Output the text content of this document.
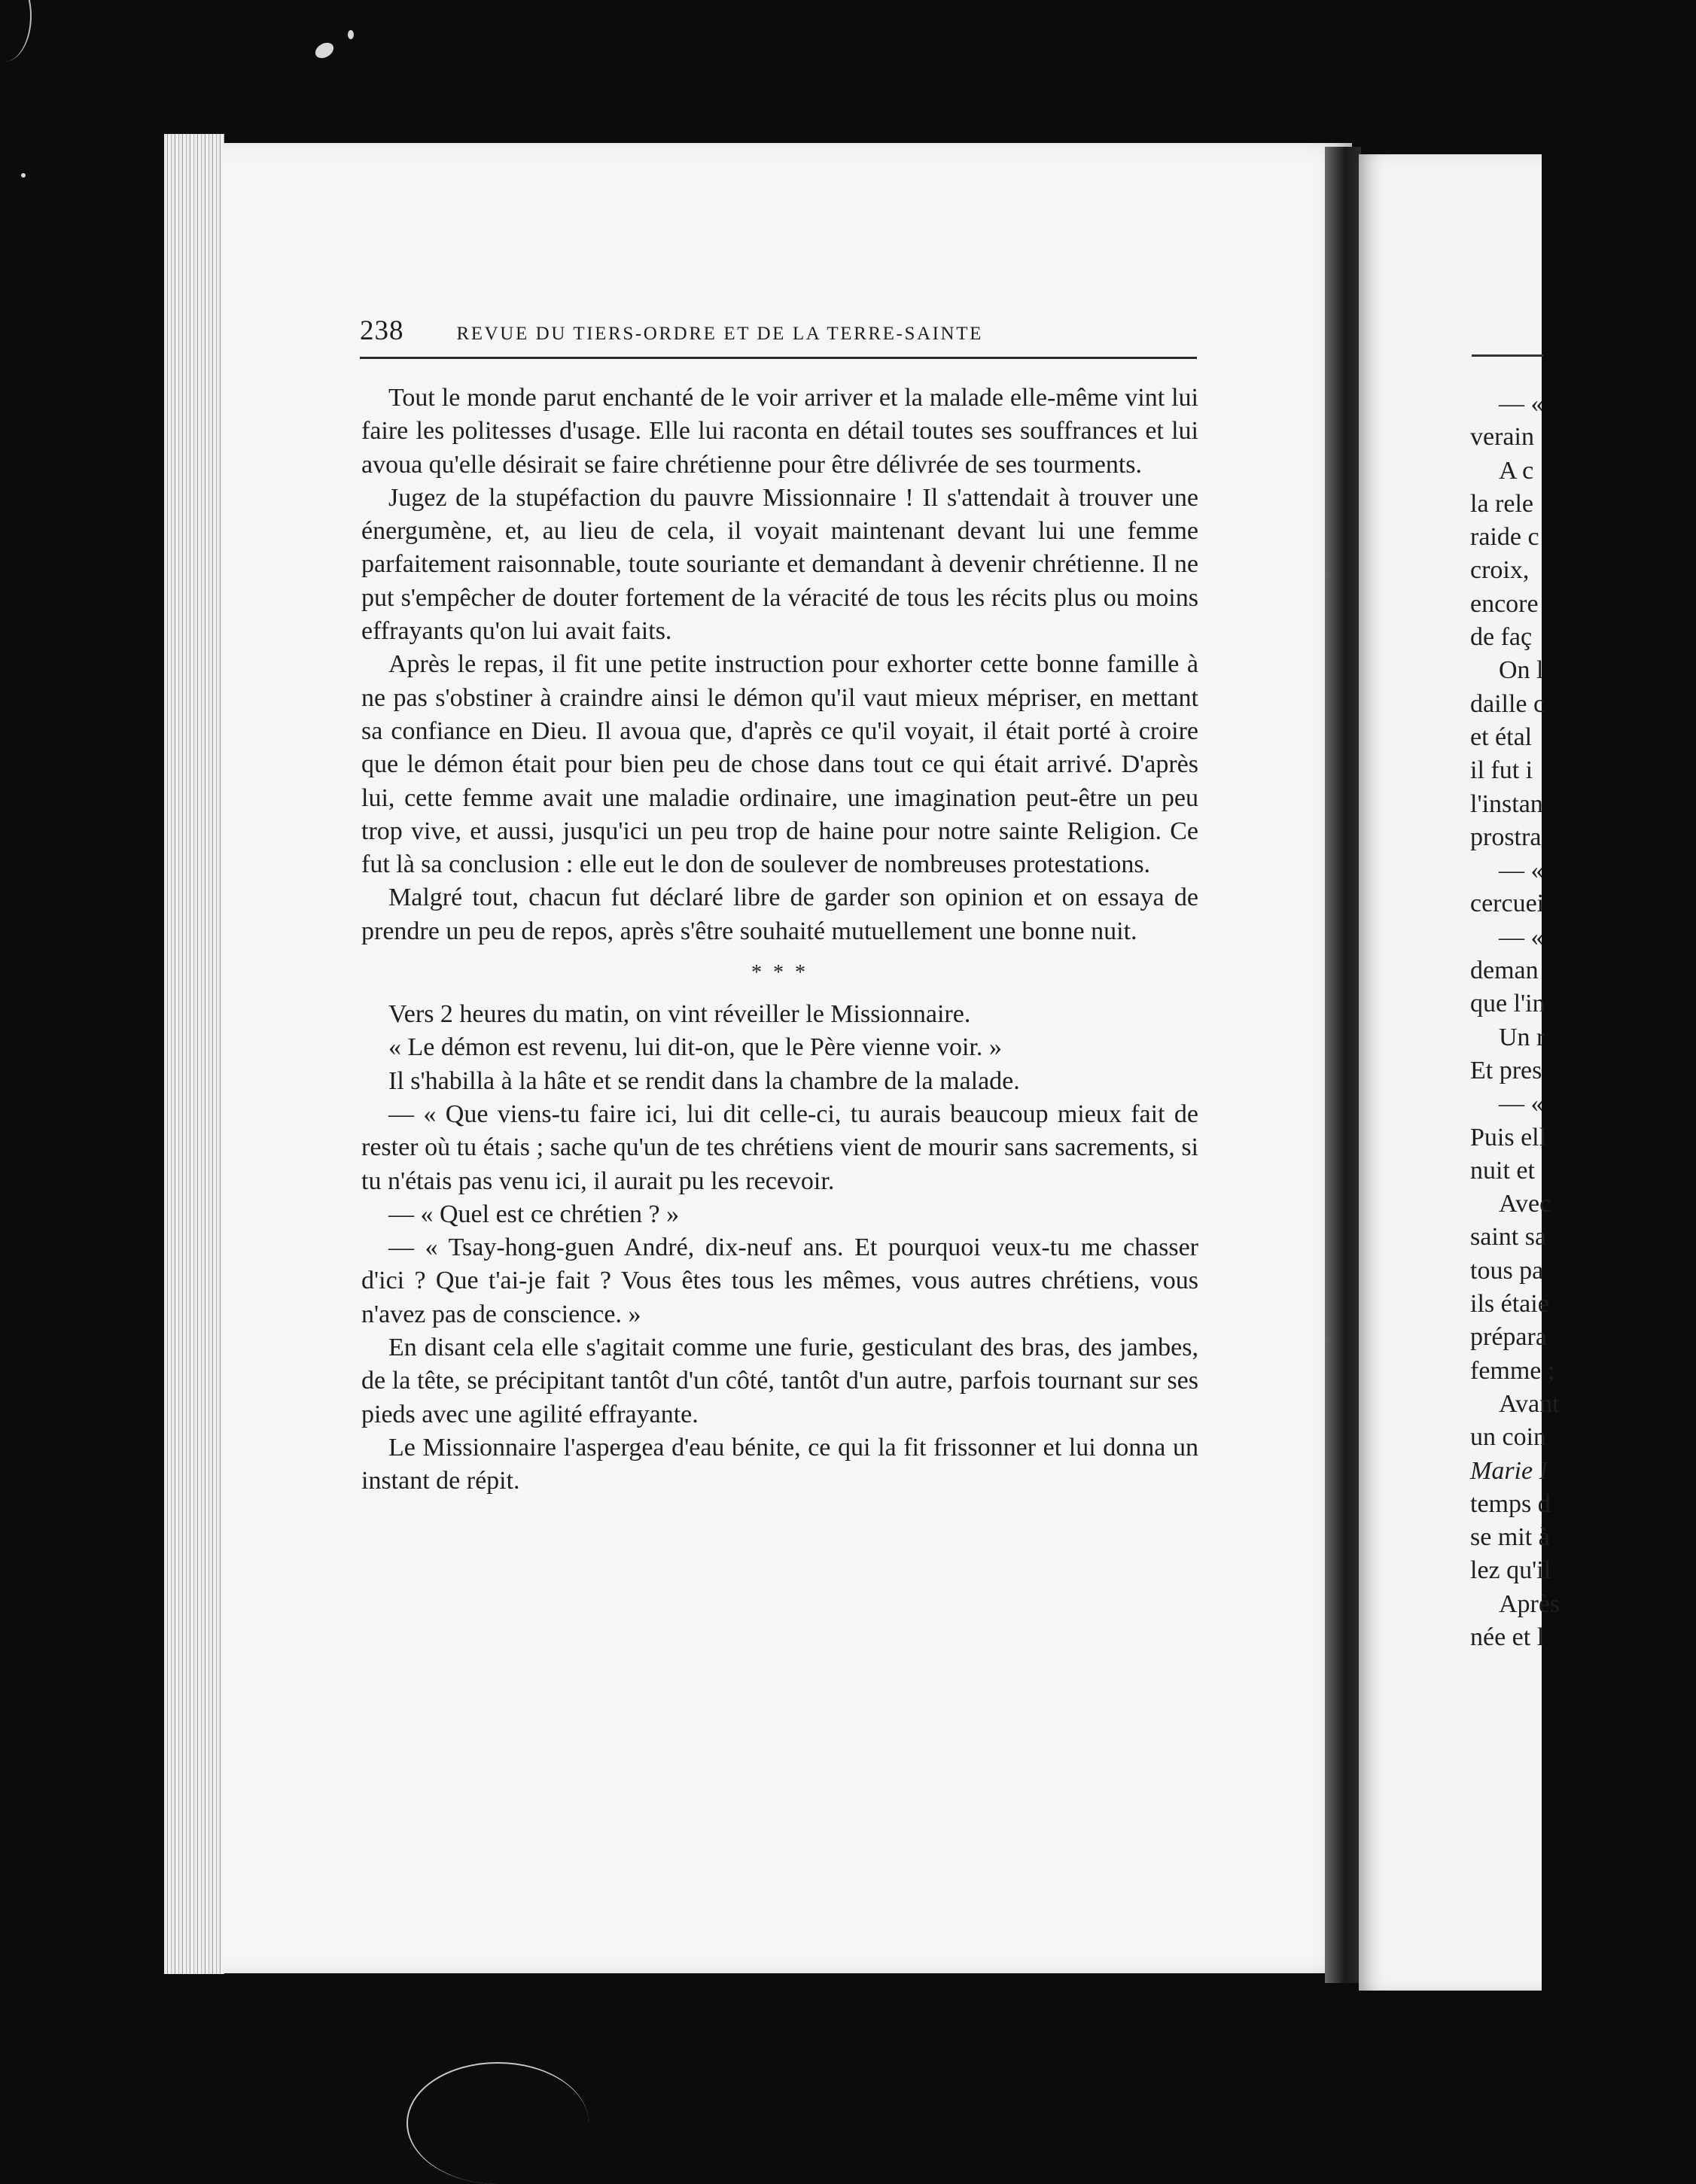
— «
verain
A c
la rele
raide c
croix,
encore
de faç
On l
daille c
et étal
il fut i
l'instan
prostra
— «
cercuei
— «
deman
que l'in
Un r
Et pres
— «
Puis ell
nuit et
Avec
saint sa
tous pa
ils étaie
prépara
femme ;
Avant
un coin
Marie I
temps d
se mit à
lez qu'il
Après
née et l
238	REVUE DU TIERS-ORDRE ET DE LA TERRE-SAINTE

Tout le monde parut enchanté de le voir arriver et la malade elle-même vint lui faire les politesses d'usage. Elle lui raconta en détail toutes ses souffrances et lui avoua qu'elle désirait se faire chrétienne pour être délivrée de ses tourments.

Jugez de la stupéfaction du pauvre Missionnaire ! Il s'attendait à trouver une énergumène, et, au lieu de cela, il voyait maintenant devant lui une femme parfaitement raisonnable, toute souriante et demandant à devenir chrétienne. Il ne put s'empêcher de douter fortement de la véracité de tous les récits plus ou moins effrayants qu'on lui avait faits.

Après le repas, il fit une petite instruction pour exhorter cette bonne famille à ne pas s'obstiner à craindre ainsi le démon qu'il vaut mieux mépriser, en mettant sa confiance en Dieu. Il avoua que, d'après ce qu'il voyait, il était porté à croire que le démon était pour bien peu de chose dans tout ce qui était arrivé. D'après lui, cette femme avait une maladie ordinaire, une imagination peut-être un peu trop vive, et aussi, jusqu'ici un peu trop de haine pour notre sainte Religion. Ce fut là sa conclusion : elle eut le don de soulever de nombreuses protestations.

Malgré tout, chacun fut déclaré libre de garder son opinion et on essaya de prendre un peu de repos, après s'être souhaité mutuellement une bonne nuit.

* * *

Vers 2 heures du matin, on vint réveiller le Missionnaire.

« Le démon est revenu, lui dit-on, que le Père vienne voir. »

Il s'habilla à la hâte et se rendit dans la chambre de la malade.

— « Que viens-tu faire ici, lui dit celle-ci, tu aurais beaucoup mieux fait de rester où tu étais ; sache qu'un de tes chrétiens vient de mourir sans sacrements, si tu n'étais pas venu ici, il aurait pu les recevoir.

— « Quel est ce chrétien ? »

— « Tsay-hong-guen André, dix-neuf ans. Et pourquoi veux-tu me chasser d'ici ? Que t'ai-je fait ? Vous êtes tous les mêmes, vous autres chrétiens, vous n'avez pas de conscience. »

En disant cela elle s'agitait comme une furie, gesticulant des bras, des jambes, de la tête, se précipitant tantôt d'un côté, tantôt d'un autre, parfois tournant sur ses pieds avec une agilité effrayante.

Le Missionnaire l'aspergea d'eau bénite, ce qui la fit frissonner et lui donna un instant de répit.
